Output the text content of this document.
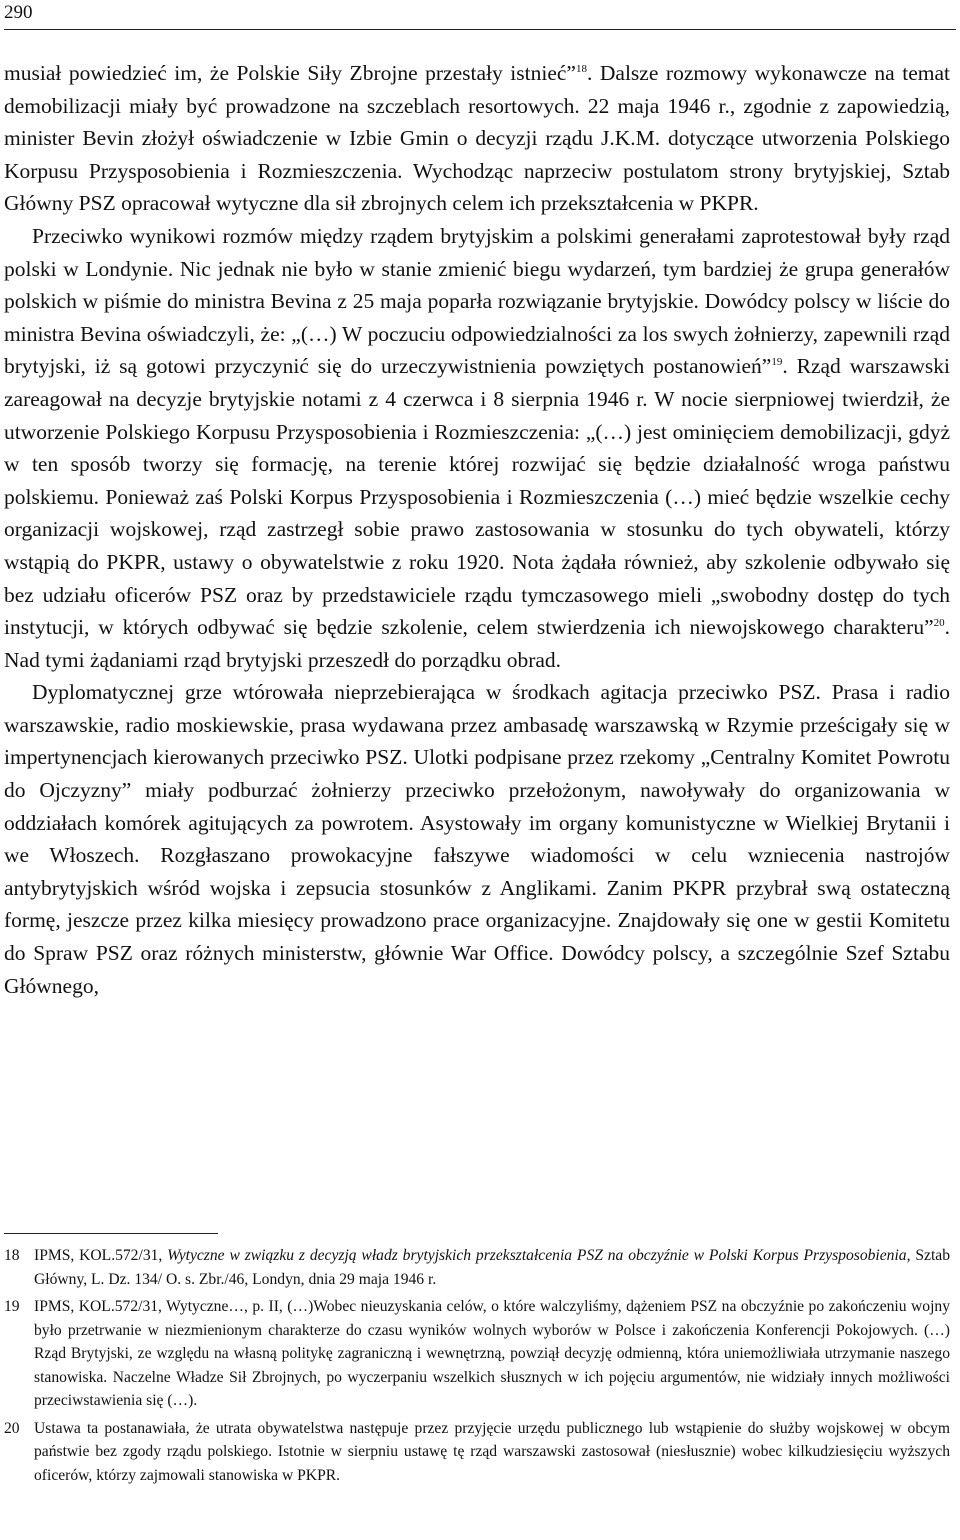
290

musiał powiedzieć im, że Polskie Siły Zbrojne przestały istnieć”$^{18}$. Dalsze rozmowy wykonawcze na temat demobilizacji miały być prowadzone na szczeblach resortowych. 22 maja 1946 r., zgodnie z zapowiedzią, minister Bevin złożył oświadczenie w Izbie Gmin o decyzji rządu J.K.M. dotyczące utworzenia Polskiego Korpusu Przysposobienia i Rozmieszczenia. Wychodząc naprzeciw postulatom strony brytyjskiej, Sztab Główny PSZ opracował wytyczne dla sił zbrojnych celem ich przekształcenia w PKPR.

Przeciwko wynikowi rozmów między rządem brytyjskim a polskimi generałami zaprotestował były rząd polski w Londynie. Nic jednak nie było w stanie zmienić biegu wydarzeń, tym bardziej że grupa generałów polskich w piśmie do ministra Bevina z 25 maja poparła rozwiązanie brytyjskie. Dowódcy polscy w liście do ministra Bevina oświadczyli, że: „(…) W poczuciu odpowiedzialności za los swych żołnierzy, zapewnili rząd brytyjski, iż są gotowi przyczynić się do urzeczywistnienia powziętych postanowień”$^{19}$. Rząd warszawski zareagował na decyzje brytyjskie notami z 4 czerwca i 8 sierpnia 1946 r. W nocie sierpniowej twierdził, że utworzenie Polskiego Korpusu Przysposobienia i Rozmieszczenia: „(…) jest ominięciem demobilizacji, gdyż w ten sposób tworzy się formację, na terenie której rozwijać się będzie działalność wroga państwu polskiemu. Ponieważ zaś Polski Korpus Przysposobienia i Rozmieszczenia (…) mieć będzie wszelkie cechy organizacji wojskowej, rząd zastrzegł sobie prawo zastosowania w stosunku do tych obywateli, którzy wstąpią do PKPR, ustawy o obywatelstwie z roku 1920. Nota żądała również, aby szkolenie odbywało się bez udziału oficerów PSZ oraz by przedstawiciele rządu tymczasowego mieli „swobodny dostęp do tych instytucji, w których odbywać się będzie szkolenie, celem stwierdzenia ich niewojskowego charakteru”$^{20}$. Nad tymi żądaniami rząd brytyjski przeszedł do porządku obrad.

Dyplomatycznej grze wtórowała nieprzebierająca w środkach agitacja przeciwko PSZ. Prasa i radio warszawskie, radio moskiewskie, prasa wydawana przez ambasadę warszawską w Rzymie prześcigały się w impertynencjach kierowanych przeciwko PSZ. Ulotki podpisane przez rzekomy „Centralny Komitet Powrotu do Ojczyzny” miały podburzać żołnierzy przeciwko przełożonym, nawoływały do organizowania w oddziałach komórek agitujących za powrotem. Asystowały im organy komunistyczne w Wielkiej Brytanii i we Włoszech. Rozgłaszano prowokacyjne fałszywe wiadomości w celu wzniecenia nastrojów antybrytyjskich wśród wojska i zepsucia stosunków z Anglikami. Zanim PKPR przybrał swą ostateczną formę, jeszcze przez kilka miesięcy prowadzono prace organizacyjne. Znajdowały się one w gestii Komitetu do Spraw PSZ oraz różnych ministerstw, głównie War Office. Dowódcy polscy, a szczególnie Szef Sztabu Głównego,

18 IPMS, KOL.572/31, Wytyczne w związku z decyzją władz brytyjskich przekształcenia PSZ na obczyźnie w Polski Korpus Przysposobienia, Sztab Główny, L. Dz. 134/ O. s. Zbr./46, Londyn, dnia 29 maja 1946 r.
19 IPMS, KOL.572/31, Wytyczne…, p. II, (…)Wobec nieuzyskania celów, o które walczyliśmy, dążeniem PSZ na obczyźnie po zakończeniu wojny było przetrwanie w niezmienionym charakterze do czasu wyników wolnych wyborów w Polsce i zakończenia Konferencji Pokojowych. (…) Rząd Brytyjski, ze względu na własną politykę zagraniczną i wewnętrzną, powziął decyzję odmienną, która uniemożliwiała utrzymanie naszego stanowiska. Naczelne Władze Sił Zbrojnych, po wyczerpaniu wszelkich słusznych w ich pojęciu argumentów, nie widziały innych możliwości przeciwstawienia się (…).
20 Ustawa ta postanawiała, że utrata obywatelstwa następuje przez przyjęcie urzędu publicznego lub wstąpienie do służby wojskowej w obcym państwie bez zgody rządu polskiego. Istotnie w sierpniu ustawę tę rząd warszawski zastosował (niesłusznie) wobec kilkudziesięciu wyższych oficerów, którzy zajmowali stanowiska w PKPR.
